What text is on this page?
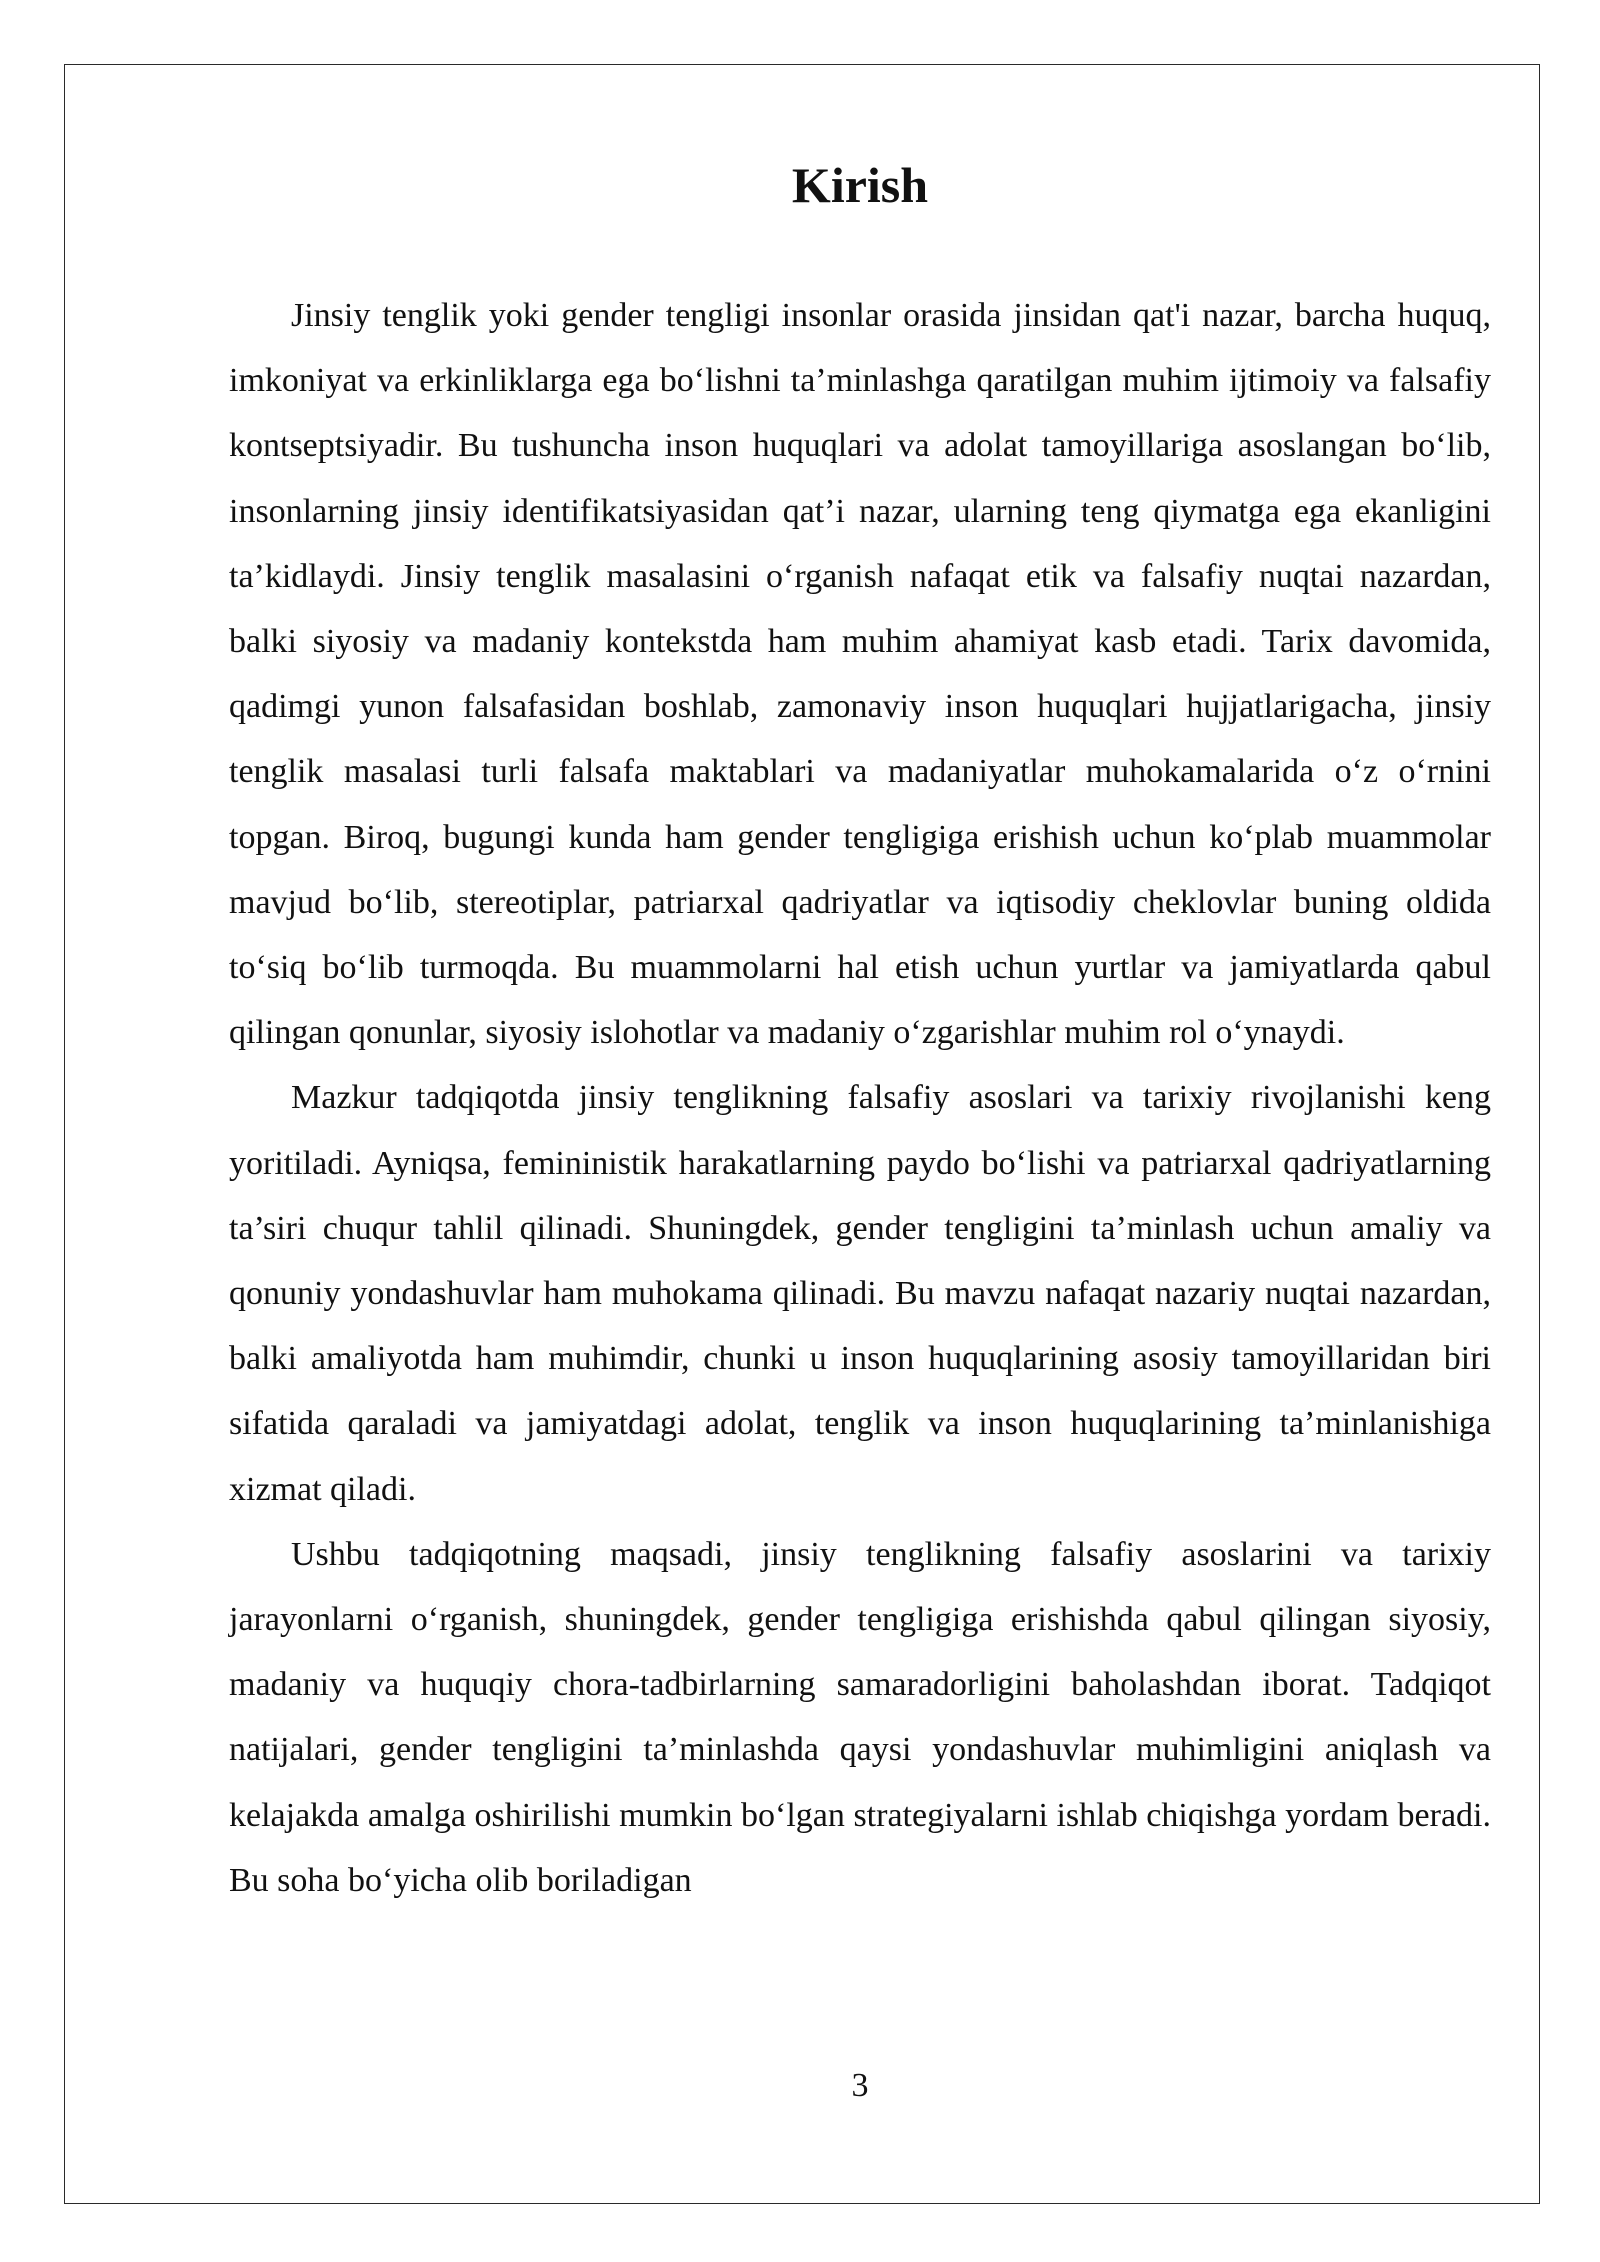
Kirish

Jinsiy tenglik yoki gender tengligi insonlar orasida jinsidan qat'i nazar, barcha huquq, imkoniyat va erkinliklarga ega bo‘lishni ta’minlashga qaratilgan muhim ijtimoiy va falsafiy kontseptsiyadir. Bu tushuncha inson huquqlari va adolat tamoyillariga asoslangan bo‘lib, insonlarning jinsiy identifikatsiyasidan qat’i nazar, ularning teng qiymatga ega ekanligini ta’kidlaydi. Jinsiy tenglik masalasini o‘rganish nafaqat etik va falsafiy nuqtai nazardan, balki siyosiy va madaniy kontekstda ham muhim ahamiyat kasb etadi. Tarix davomida, qadimgi yunon falsafasidan boshlab, zamonaviy inson huquqlari hujjatlarigacha, jinsiy tenglik masalasi turli falsafa maktablari va madaniyatlar muhokamalarida o‘z o‘rnini topgan. Biroq, bugungi kunda ham gender tengligiga erishish uchun ko‘plab muammolar mavjud bo‘lib, stereotiplar, patriarxal qadriyatlar va iqtisodiy cheklovlar buning oldida to‘siq bo‘lib turmoqda. Bu muammolarni hal etish uchun yurtlar va jamiyatlarda qabul qilingan qonunlar, siyosiy islohotlar va madaniy o‘zgarishlar muhim rol o‘ynaydi.

Mazkur tadqiqotda jinsiy tenglikning falsafiy asoslari va tarixiy rivojlanishi keng yoritiladi. Ayniqsa, femininistik harakatlarning paydo bo‘lishi va patriarxal qadriyatlarning ta’siri chuqur tahlil qilinadi. Shuningdek, gender tengligini ta’minlash uchun amaliy va qonuniy yondashuvlar ham muhokama qilinadi. Bu mavzu nafaqat nazariy nuqtai nazardan, balki amaliyotda ham muhimdir, chunki u inson huquqlarining asosiy tamoyillaridan biri sifatida qaraladi va jamiyatdagi adolat, tenglik va inson huquqlarining ta’minlanishiga xizmat qiladi.

Ushbu tadqiqotning maqsadi, jinsiy tenglikning falsafiy asoslarini va tarixiy jarayonlarni o‘rganish, shuningdek, gender tengligiga erishishda qabul qilingan siyosiy, madaniy va huquqiy chora-tadbirlarning samaradorligini baholashdan iborat. Tadqiqot natijalari, gender tengligini ta’minlashda qaysi yondashuvlar muhimligini aniqlash va kelajakda amalga oshirilishi mumkin bo‘lgan strategiyalarni ishlab chiqishga yordam beradi. Bu soha bo‘yicha olib boriladigan

3
